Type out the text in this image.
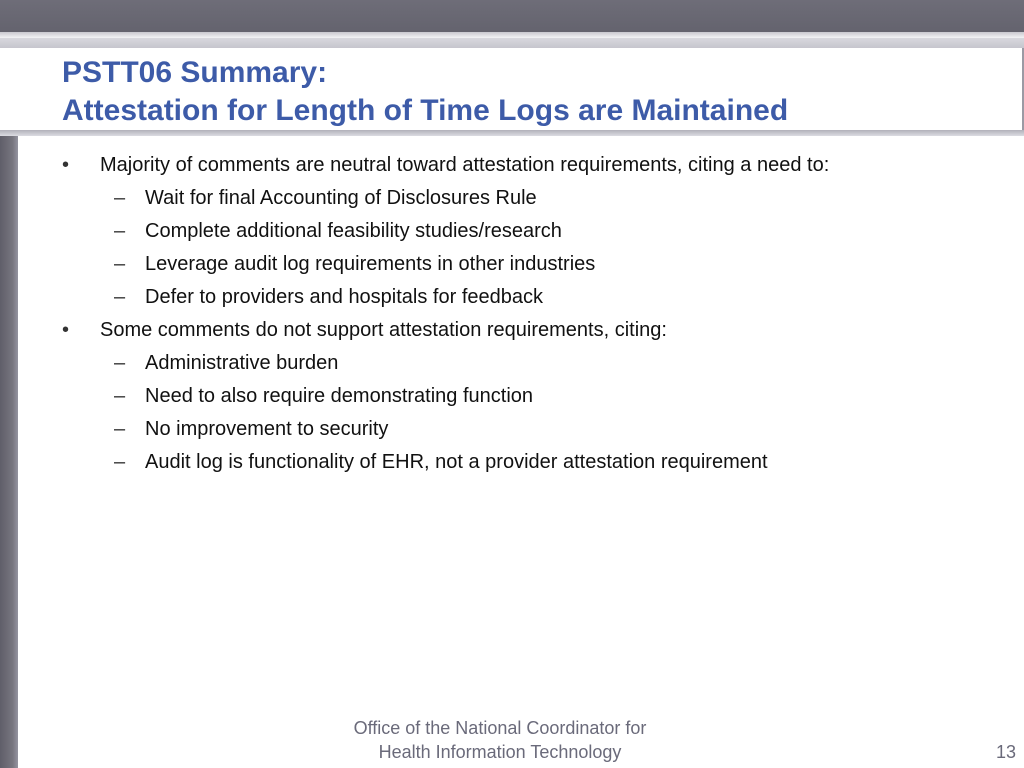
PSTT06 Summary:
Attestation for Length of Time Logs are Maintained
• Majority of comments are neutral toward attestation requirements, citing a need to:
– Wait for final Accounting of Disclosures Rule
– Complete additional feasibility studies/research
– Leverage audit log requirements in other industries
– Defer to providers and hospitals for feedback
• Some comments do not support attestation requirements, citing:
– Administrative burden
– Need to also require demonstrating function
– No improvement to security
– Audit log is functionality of EHR, not a provider attestation requirement
Office of the National Coordinator for
Health Information Technology	13
